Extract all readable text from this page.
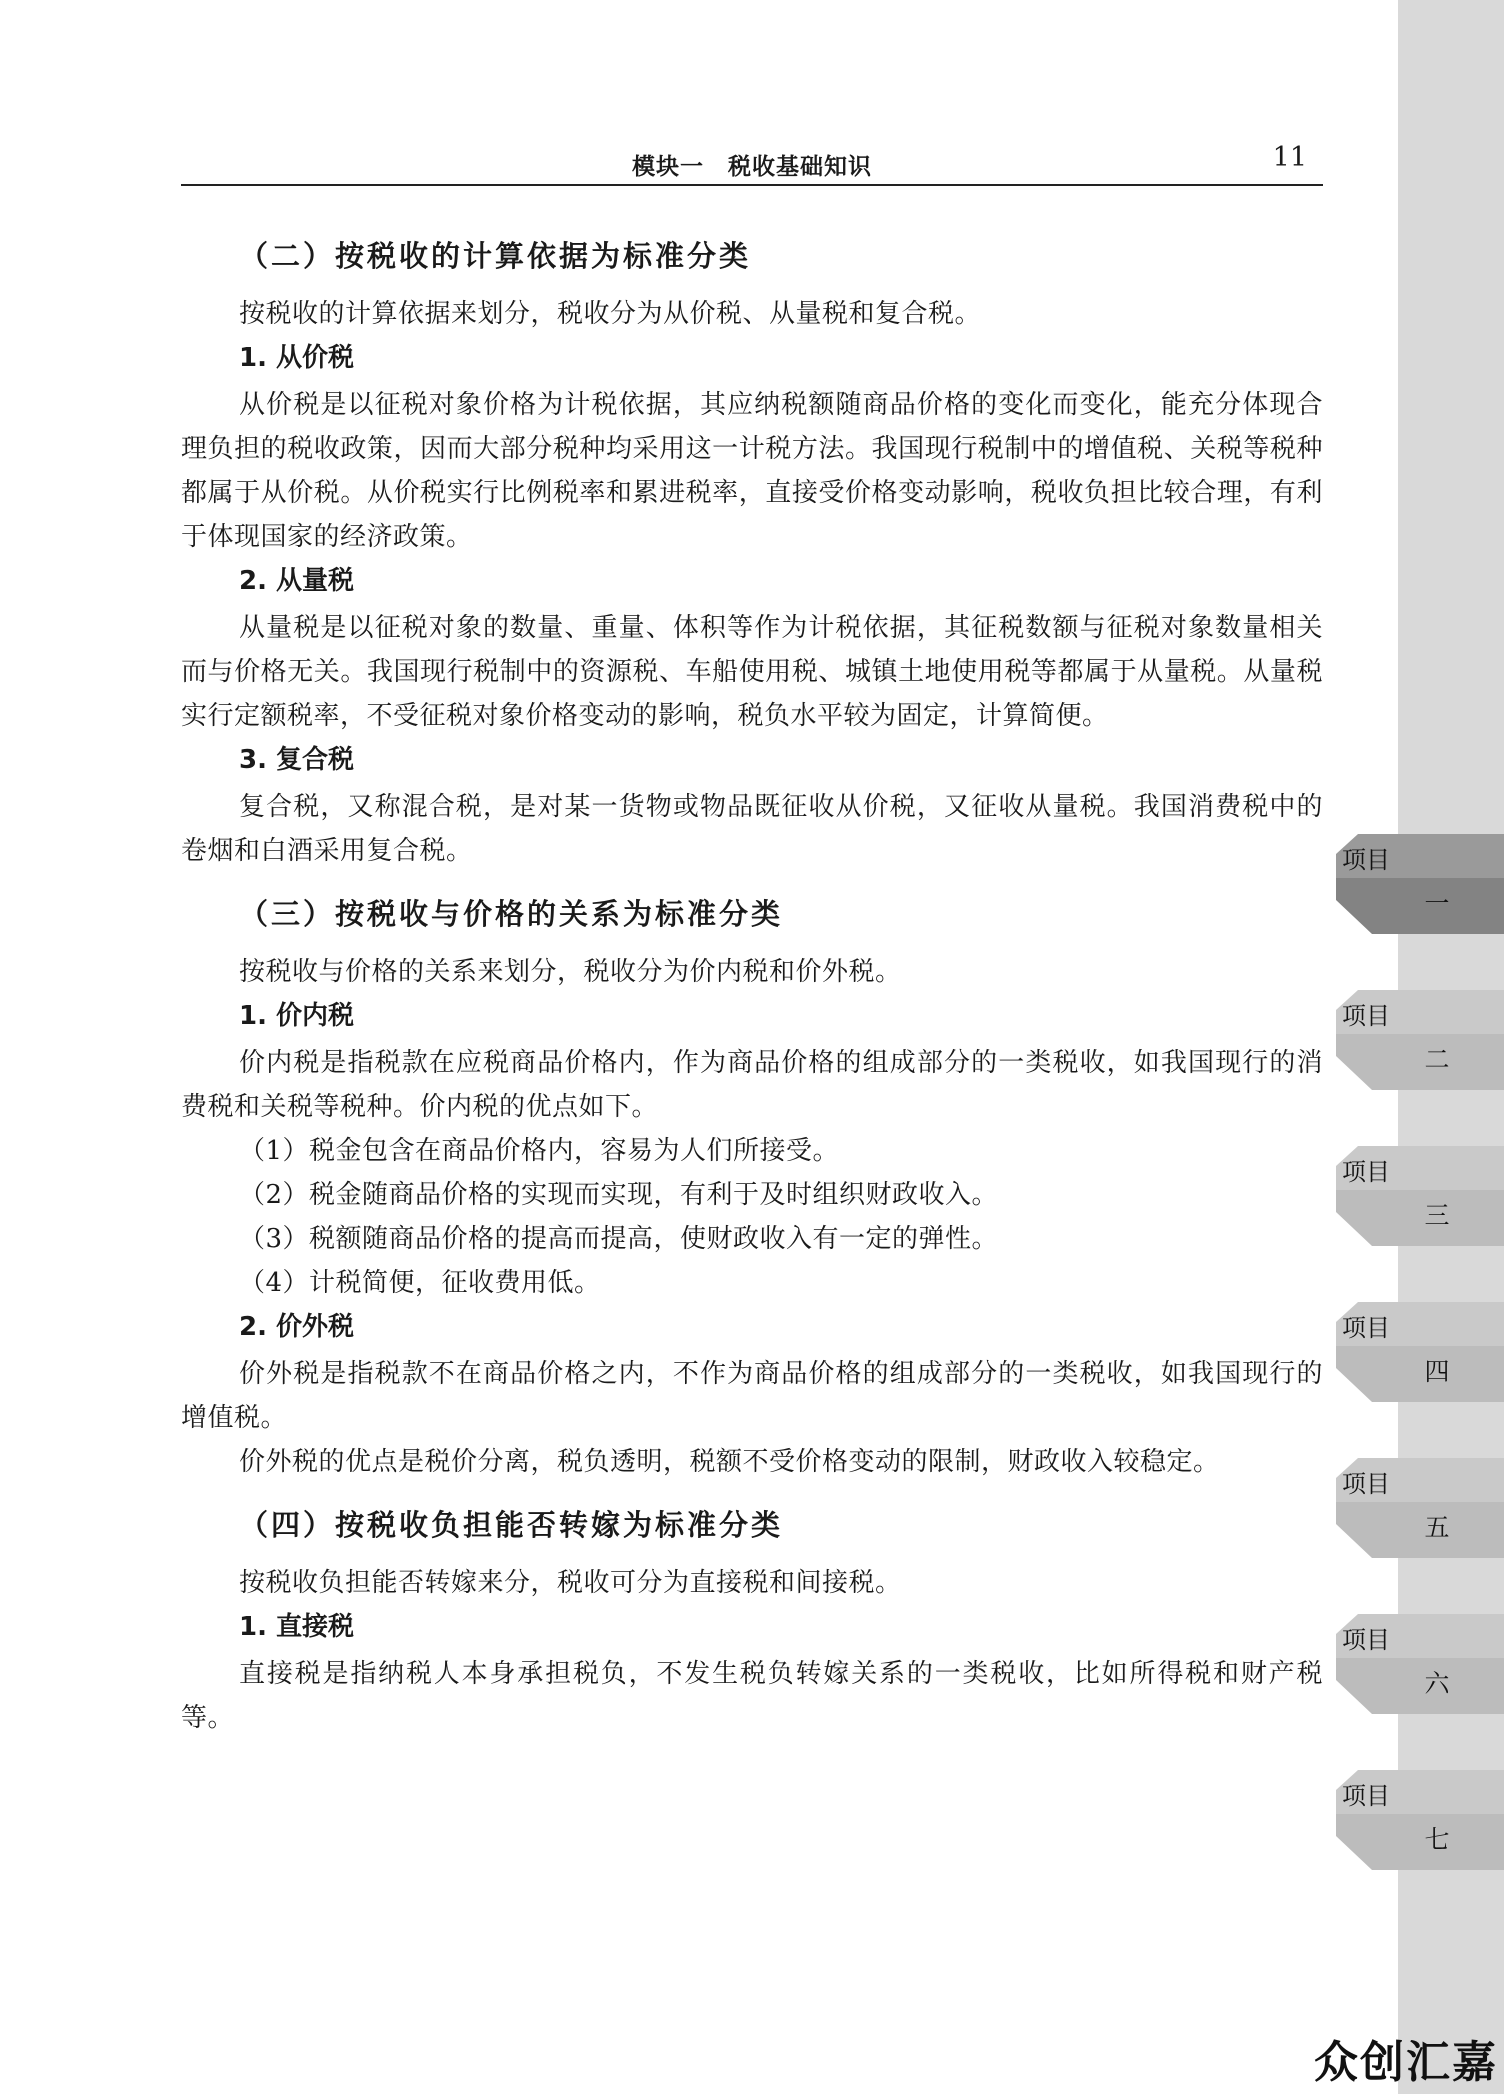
模块一　税收基础知识	11
（二）按税收的计算依据为标准分类

按税收的计算依据来划分，税收分为从价税、从量税和复合税。

1. 从价税

从价税是以征税对象价格为计税依据，其应纳税额随商品价格的变化而变化，能充分体现合理负担的税收政策，因而大部分税种均采用这一计税方法。我国现行税制中的增值税、关税等税种都属于从价税。从价税实行比例税率和累进税率，直接受价格变动影响，税收负担比较合理，有利于体现国家的经济政策。

2. 从量税

从量税是以征税对象的数量、重量、体积等作为计税依据，其征税数额与征税对象数量相关而与价格无关。我国现行税制中的资源税、车船使用税、城镇土地使用税等都属于从量税。从量税实行定额税率，不受征税对象价格变动的影响，税负水平较为固定，计算简便。

3. 复合税

复合税，又称混合税，是对某一货物或物品既征收从价税，又征收从量税。我国消费税中的卷烟和白酒采用复合税。

（三）按税收与价格的关系为标准分类

按税收与价格的关系来划分，税收分为价内税和价外税。

1. 价内税

价内税是指税款在应税商品价格内，作为商品价格的组成部分的一类税收，如我国现行的消费税和关税等税种。价内税的优点如下。

（1）税金包含在商品价格内，容易为人们所接受。

（2）税金随商品价格的实现而实现，有利于及时组织财政收入。

（3）税额随商品价格的提高而提高，使财政收入有一定的弹性。

（4）计税简便，征收费用低。

2. 价外税

价外税是指税款不在商品价格之内，不作为商品价格的组成部分的一类税收，如我国现行的增值税。

价外税的优点是税价分离，税负透明，税额不受价格变动的限制，财政收入较稳定。

（四）按税收负担能否转嫁为标准分类

按税收负担能否转嫁来分，税收可分为直接税和间接税。

1. 直接税

直接税是指纳税人本身承担税负，不发生税负转嫁关系的一类税收，比如所得税和财产税等。

项目
一
项目
二
项目
三
项目
四
项目
五
项目
六
项目
七
众创汇嘉
